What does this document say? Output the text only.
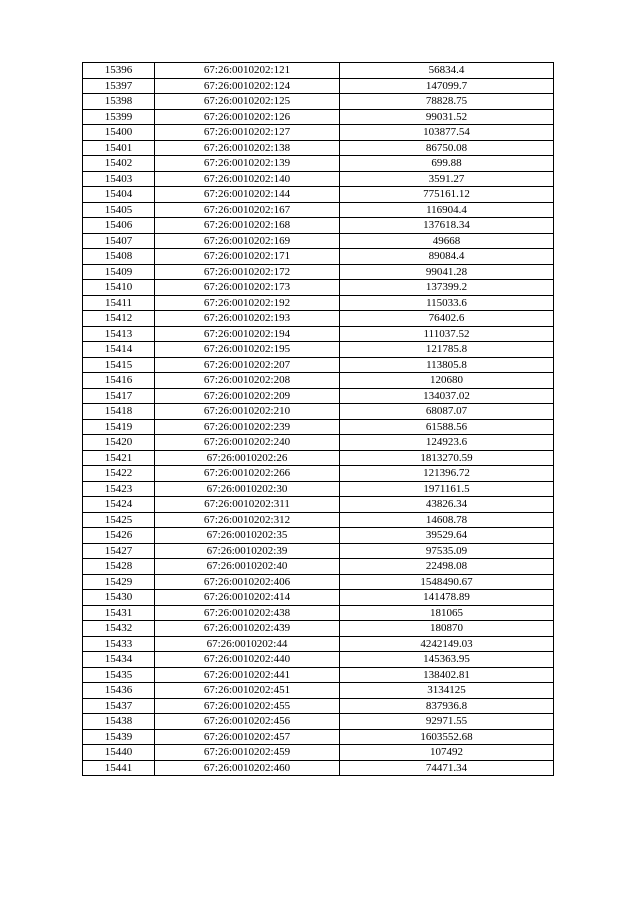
15396	67:26:0010202:121	56834.4
15397	67:26:0010202:124	147099.7
15398	67:26:0010202:125	78828.75
15399	67:26:0010202:126	99031.52
15400	67:26:0010202:127	103877.54
15401	67:26:0010202:138	86750.08
15402	67:26:0010202:139	699.88
15403	67:26:0010202:140	3591.27
15404	67:26:0010202:144	775161.12
15405	67:26:0010202:167	116904.4
15406	67:26:0010202:168	137618.34
15407	67:26:0010202:169	49668
15408	67:26:0010202:171	89084.4
15409	67:26:0010202:172	99041.28
15410	67:26:0010202:173	137399.2
15411	67:26:0010202:192	115033.6
15412	67:26:0010202:193	76402.6
15413	67:26:0010202:194	111037.52
15414	67:26:0010202:195	121785.8
15415	67:26:0010202:207	113805.8
15416	67:26:0010202:208	120680
15417	67:26:0010202:209	134037.02
15418	67:26:0010202:210	68087.07
15419	67:26:0010202:239	61588.56
15420	67:26:0010202:240	124923.6
15421	67:26:0010202:26	1813270.59
15422	67:26:0010202:266	121396.72
15423	67:26:0010202:30	1971161.5
15424	67:26:0010202:311	43826.34
15425	67:26:0010202:312	14608.78
15426	67:26:0010202:35	39529.64
15427	67:26:0010202:39	97535.09
15428	67:26:0010202:40	22498.08
15429	67:26:0010202:406	1548490.67
15430	67:26:0010202:414	141478.89
15431	67:26:0010202:438	181065
15432	67:26:0010202:439	180870
15433	67:26:0010202:44	4242149.03
15434	67:26:0010202:440	145363.95
15435	67:26:0010202:441	138402.81
15436	67:26:0010202:451	3134125
15437	67:26:0010202:455	837936.8
15438	67:26:0010202:456	92971.55
15439	67:26:0010202:457	1603552.68
15440	67:26:0010202:459	107492
15441	67:26:0010202:460	74471.34
